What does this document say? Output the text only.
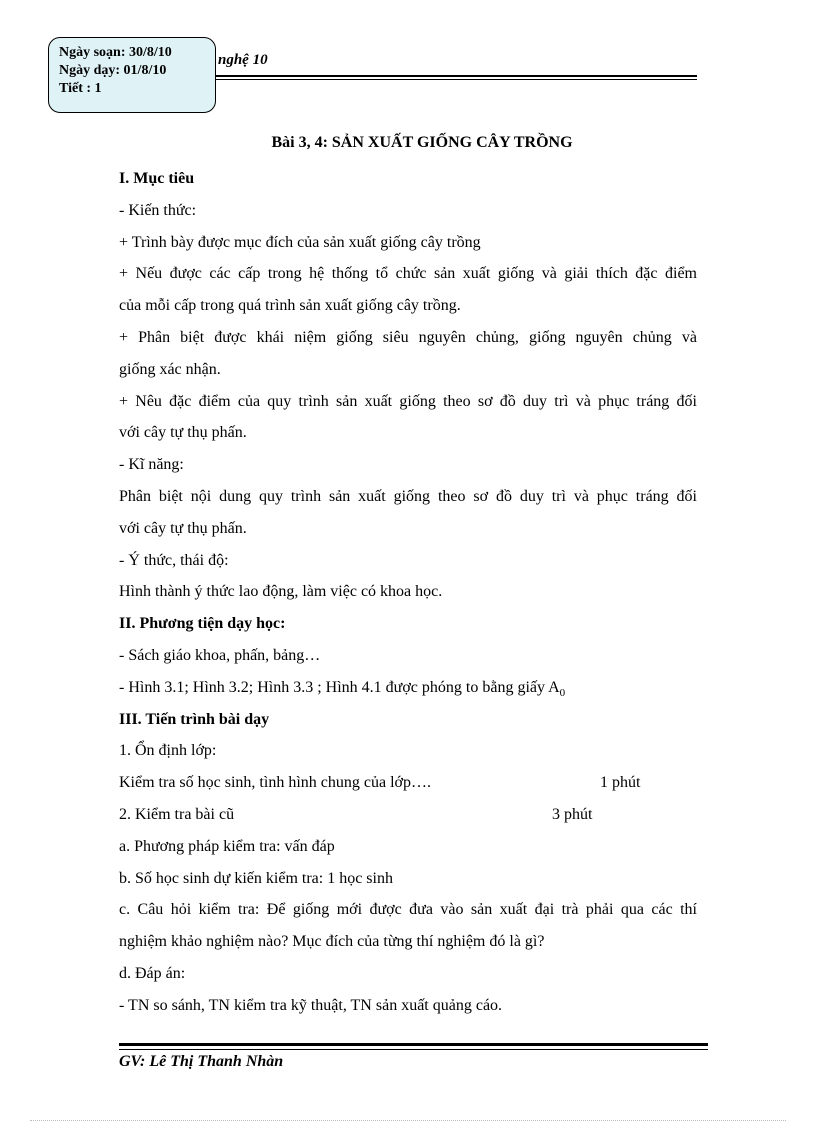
Ngày soạn: 30/8/10
Ngày dạy: 01/8/10
Tiết : 1
nghệ 10
Bài 3, 4: SẢN XUẤT GIỐNG CÂY TRỒNG
I. Mục tiêu
- Kiến thức:
+ Trình bày được mục đích của sản xuất giống cây trồng
+ Nếu được các cấp trong hệ thống tổ chức sản xuất giống và giải thích đặc điểm
của mỗi cấp trong quá trình sản xuất giống cây trồng.
+ Phân biệt được khái niệm giống siêu nguyên chủng, giống nguyên chủng và
giống xác nhận.
+ Nêu đặc điểm của quy trình sản xuất giống theo sơ đồ duy trì và phục tráng đối
với cây tự thụ phấn.
- Kĩ năng:
Phân biệt nội dung quy trình sản xuất giống theo sơ đồ duy trì và phục tráng đối
với cây tự thụ phấn.
- Ý thức, thái độ:
Hình thành ý thức lao động, làm việc có khoa học.
II. Phương tiện dạy học:
- Sách giáo khoa, phấn, bảng…
- Hình 3.1; Hình 3.2; Hình 3.3 ; Hình 4.1 được phóng to bằng giấy $A_0$
III. Tiến trình bài dạy
1. Ổn định lớp:
Kiểm tra số học sinh, tình hình chung của lớp….	1 phút
2. Kiểm tra bài cũ	3 phút
a. Phương pháp kiểm tra: vấn đáp
b. Số học sinh dự kiến kiểm tra: 1 học sinh
c. Câu hỏi kiểm tra: Để giống mới được đưa vào sản xuất đại trà phải qua các thí
nghiệm khảo nghiệm nào? Mục đích của từng thí nghiệm đó là gì?
d. Đáp án:
- TN so sánh, TN kiểm tra kỹ thuật, TN sản xuất quảng cáo.
GV: Lê Thị Thanh Nhàn
